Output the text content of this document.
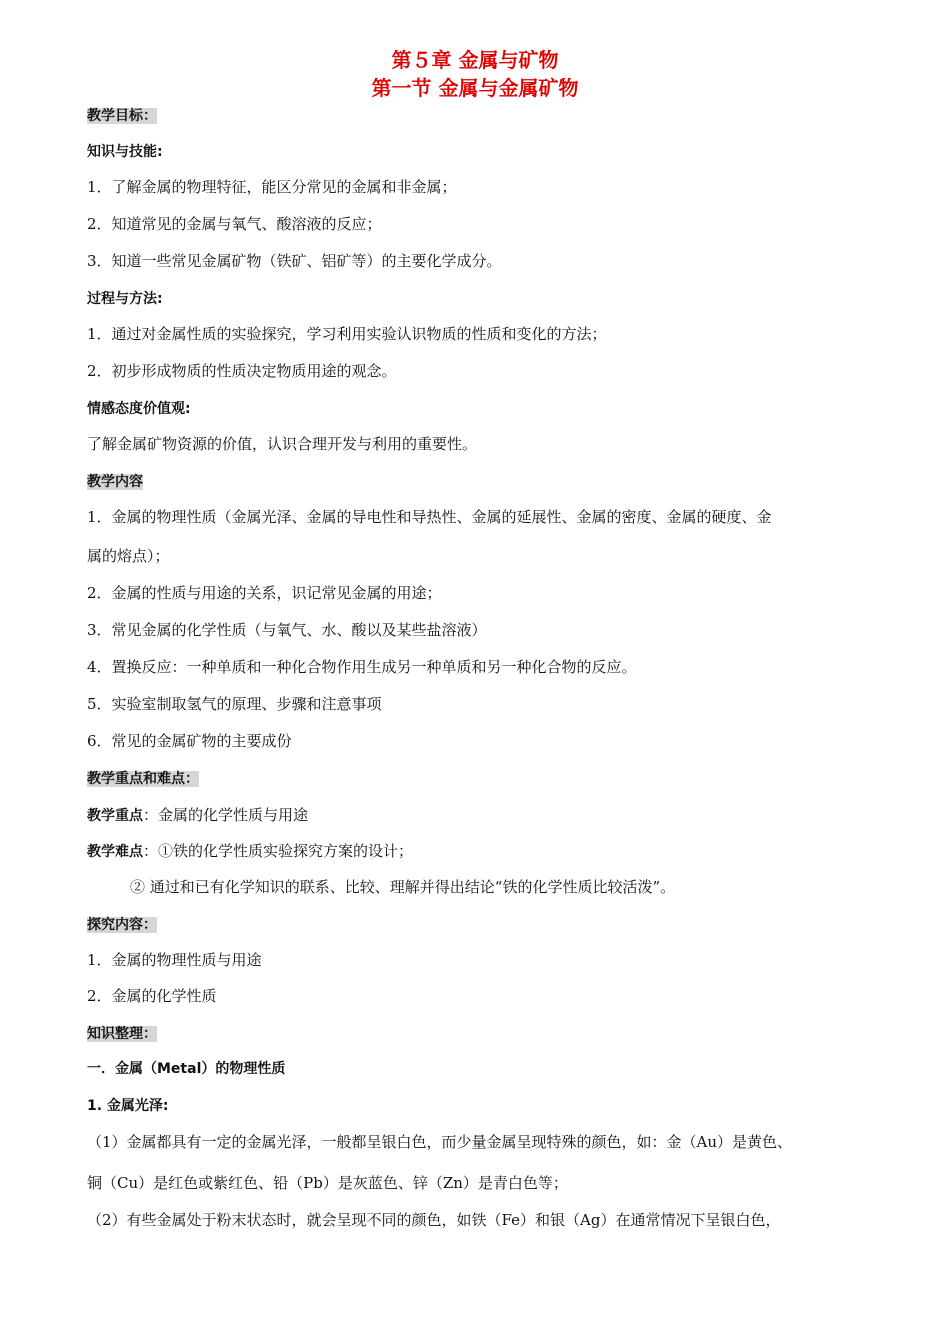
第５章 金属与矿物
第一节 金属与金属矿物
教学目标：
知识与技能:
1．了解金属的物理特征，能区分常见的金属和非金属；
2．知道常见的金属与氧气、酸溶液的反应；
3．知道一些常见金属矿物（铁矿、铝矿等）的主要化学成分。
过程与方法:
1．通过对金属性质的实验探究，学习利用实验认识物质的性质和变化的方法；
2．初步形成物质的性质决定物质用途的观念。
情感态度价值观:
了解金属矿物资源的价值，认识合理开发与利用的重要性。
教学内容
1．金属的物理性质（金属光泽、金属的导电性和导热性、金属的延展性、金属的密度、金属的硬度、金
属的熔点）；
2．金属的性质与用途的关系，识记常见金属的用途；
3．常见金属的化学性质（与氧气、水、酸以及某些盐溶液）
4．置换反应：一种单质和一种化合物作用生成另一种单质和另一种化合物的反应。
5．实验室制取氢气的原理、步骤和注意事项
6．常见的金属矿物的主要成份
教学重点和难点：
教学重点：金属的化学性质与用途
教学难点：①铁的化学性质实验探究方案的设计；
② 通过和已有化学知识的联系、比较、理解并得出结论“铁的化学性质比较活泼”。
探究内容：
1．金属的物理性质与用途
2．金属的化学性质
知识整理：
一．金属（Metal）的物理性质
1. 金属光泽:
（1）金属都具有一定的金属光泽，一般都呈银白色，而少量金属呈现特殊的颜色，如：金（Au）是黄色、
铜（Cu）是红色或紫红色、铅（Pb）是灰蓝色、锌（Zn）是青白色等；
（2）有些金属处于粉末状态时，就会呈现不同的颜色，如铁（Fe）和银（Ag）在通常情况下呈银白色，
